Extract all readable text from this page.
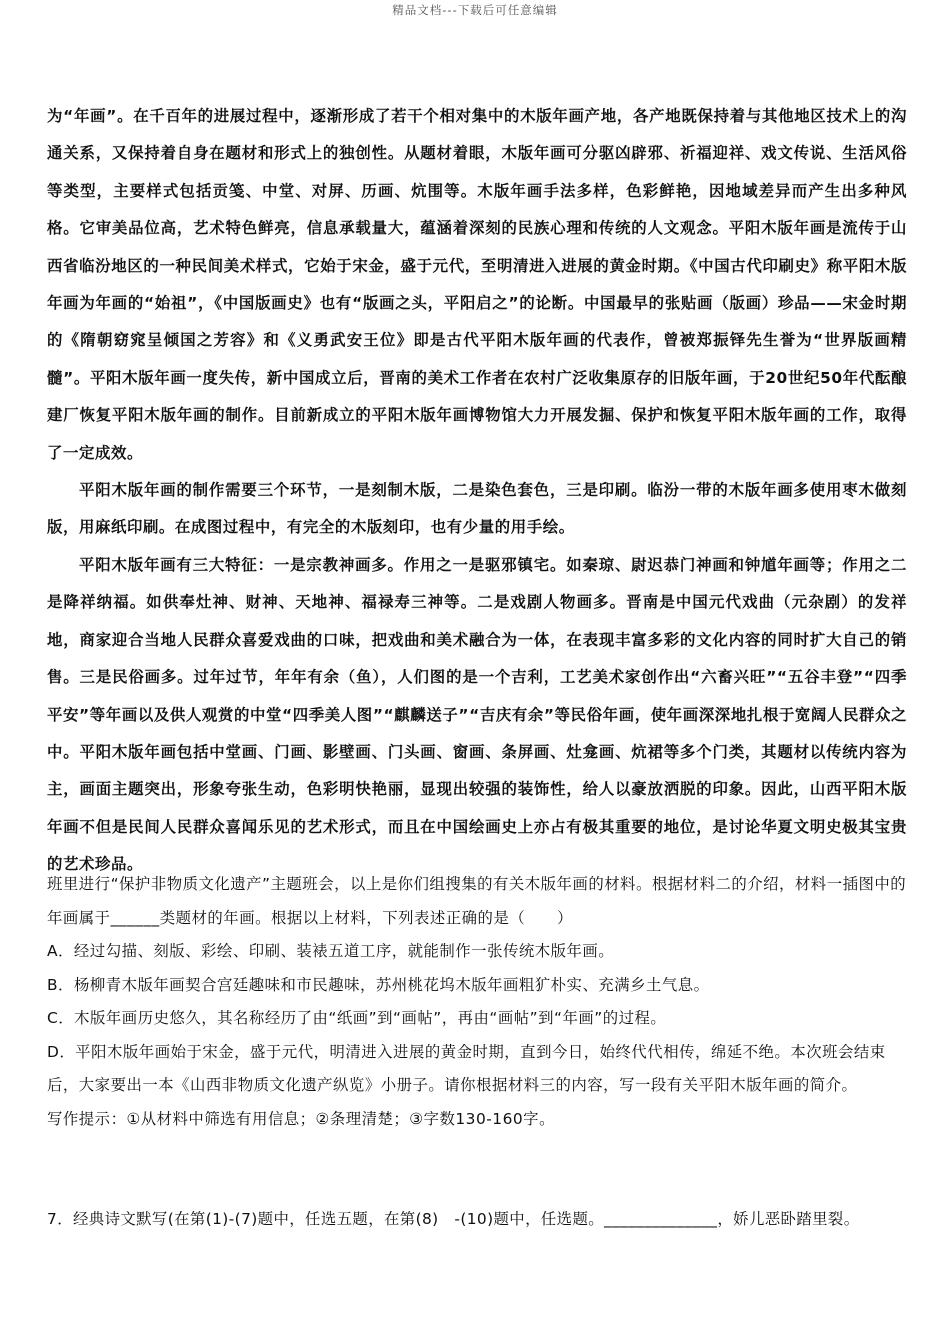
精品文档---下载后可任意编辑

为“年画”。在千百年的进展过程中，逐渐形成了若干个相对集中的木版年画产地，各产地既保持着与其他地区技术上的沟通关系，又保持着自身在题材和形式上的独创性。从题材着眼，木版年画可分驱凶辟邪、祈福迎祥、戏文传说、生活风俗等类型，主要样式包括贡笺、中堂、对屏、历画、炕围等。木版年画手法多样，色彩鲜艳，因地域差异而产生出多种风格。它审美品位高，艺术特色鲜亮，信息承载量大，蕴涵着深刻的民族心理和传统的人文观念。平阳木版年画是流传于山西省临汾地区的一种民间美术样式，它始于宋金，盛于元代，至明清进入进展的黄金时期。《中国古代印刷史》称平阳木版年画为年画的“始祖”，《中国版画史》也有“版画之头，平阳启之”的论断。中国最早的张贴画（版画）珍品——宋金时期的《隋朝窈窕呈倾国之芳容》和《义勇武安王位》即是古代平阳木版年画的代表作，曾被郑振铎先生誉为“世界版画精髓”。平阳木版年画一度失传，新中国成立后，晋南的美术工作者在农村广泛收集原存的旧版年画，于20世纪50年代酝酿建厂恢复平阳木版年画的制作。目前新成立的平阳木版年画博物馆大力开展发掘、保护和恢复平阳木版年画的工作，取得了一定成效。

平阳木版年画的制作需要三个环节，一是刻制木版，二是染色套色，三是印刷。临汾一带的木版年画多使用枣木做刻版，用麻纸印刷。在成图过程中，有完全的木版刻印，也有少量的用手绘。

平阳木版年画有三大特征：一是宗教神画多。作用之一是驱邪镇宅。如秦琼、尉迟恭门神画和钟馗年画等；作用之二是降祥纳福。如供奉灶神、财神、天地神、福禄寿三神等。二是戏剧人物画多。晋南是中国元代戏曲（元杂剧）的发祥地，商家迎合当地人民群众喜爱戏曲的口味，把戏曲和美术融合为一体，在表现丰富多彩的文化内容的同时扩大自己的销售。三是民俗画多。过年过节，年年有余（鱼），人们图的是一个吉利，工艺美术家创作出“六畜兴旺”“五谷丰登”“四季平安”等年画以及供人观赏的中堂“四季美人图”“麒麟送子”“吉庆有余”等民俗年画，使年画深深地扎根于宽阔人民群众之中。平阳木版年画包括中堂画、门画、影壁画、门头画、窗画、条屏画、灶龛画、炕裙等多个门类，其题材以传统内容为主，画面主题突出，形象夸张生动，色彩明快艳丽，显现出较强的装饰性，给人以豪放洒脱的印象。因此，山西平阳木版年画不但是民间人民群众喜闻乐见的艺术形式，而且在中国绘画史上亦占有极其重要的地位，是讨论华夏文明史极其宝贵的艺术珍品。

班里进行“保护非物质文化遗产”主题班会，以上是你们组搜集的有关木版年画的材料。根据材料二的介绍，材料一插图中的年画属于______类题材的年画。根据以上材料，下列表述正确的是（　　）

A．经过勾描、刻版、彩绘、印刷、装裱五道工序，就能制作一张传统木版年画。

B．杨柳青木版年画契合宫廷趣味和市民趣味，苏州桃花坞木版年画粗犷朴实、充满乡土气息。

C．木版年画历史悠久，其名称经历了由“纸画”到“画帖”，再由“画帖”到“年画”的过程。

D．平阳木版年画始于宋金，盛于元代，明清进入进展的黄金时期，直到今日，始终代代相传，绵延不绝。本次班会结束后，大家要出一本《山西非物质文化遗产纵览》小册子。请你根据材料三的内容，写一段有关平阳木版年画的简介。

写作提示：①从材料中筛选有用信息；②条理清楚；③字数130-160字。

7．经典诗文默写(在第(1)-(7)题中，任选五题，在第(8)　-(10)题中，任选题。______________，娇儿恶卧踏里裂。
